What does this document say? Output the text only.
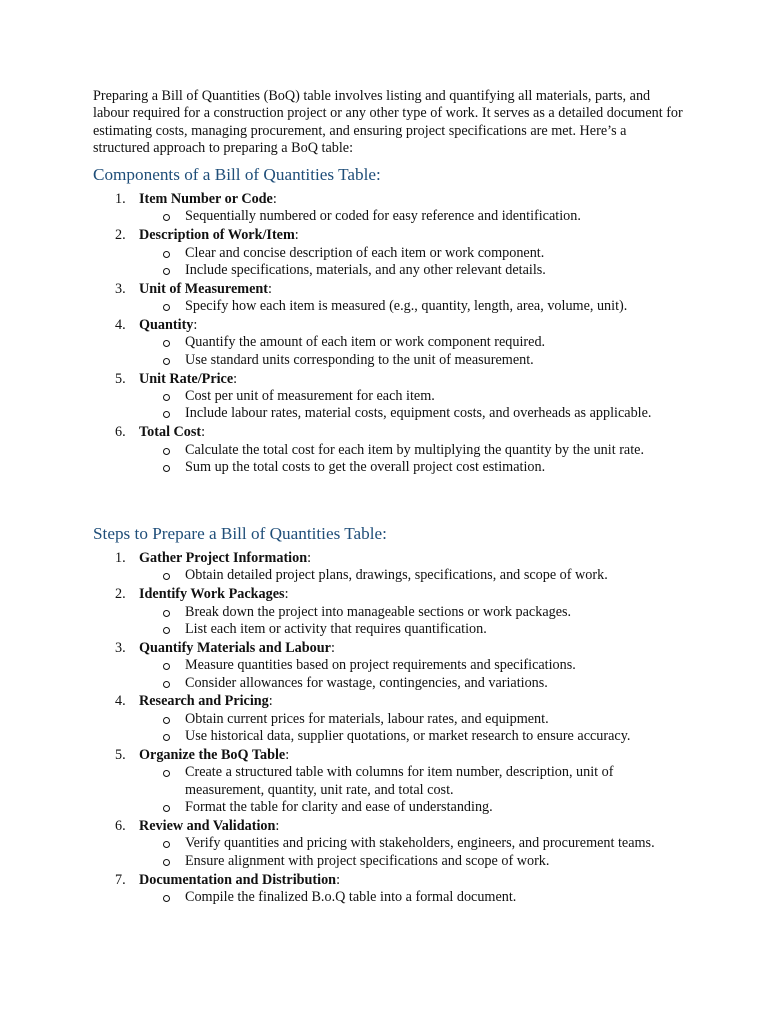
Preparing a Bill of Quantities (BoQ) table involves listing and quantifying all materials, parts, and labour required for a construction project or any other type of work. It serves as a detailed document for estimating costs, managing procurement, and ensuring project specifications are met. Here’s a structured approach to preparing a BoQ table:

Components of a Bill of Quantities Table:
1. Item Number or Code:
Sequentially numbered or coded for easy reference and identification.
2. Description of Work/Item:
Clear and concise description of each item or work component.
Include specifications, materials, and any other relevant details.
3. Unit of Measurement:
Specify how each item is measured (e.g., quantity, length, area, volume, unit).
4. Quantity:
Quantify the amount of each item or work component required.
Use standard units corresponding to the unit of measurement.
5. Unit Rate/Price:
Cost per unit of measurement for each item.
Include labour rates, material costs, equipment costs, and overheads as applicable.
6. Total Cost:
Calculate the total cost for each item by multiplying the quantity by the unit rate.
Sum up the total costs to get the overall project cost estimation.
Steps to Prepare a Bill of Quantities Table:
1. Gather Project Information:
Obtain detailed project plans, drawings, specifications, and scope of work.
2. Identify Work Packages:
Break down the project into manageable sections or work packages.
List each item or activity that requires quantification.
3. Quantify Materials and Labour:
Measure quantities based on project requirements and specifications.
Consider allowances for wastage, contingencies, and variations.
4. Research and Pricing:
Obtain current prices for materials, labour rates, and equipment.
Use historical data, supplier quotations, or market research to ensure accuracy.
5. Organize the BoQ Table:
Create a structured table with columns for item number, description, unit of measurement, quantity, unit rate, and total cost.
Format the table for clarity and ease of understanding.
6. Review and Validation:
Verify quantities and pricing with stakeholders, engineers, and procurement teams.
Ensure alignment with project specifications and scope of work.
7. Documentation and Distribution:
Compile the finalized B.o.Q table into a formal document.
